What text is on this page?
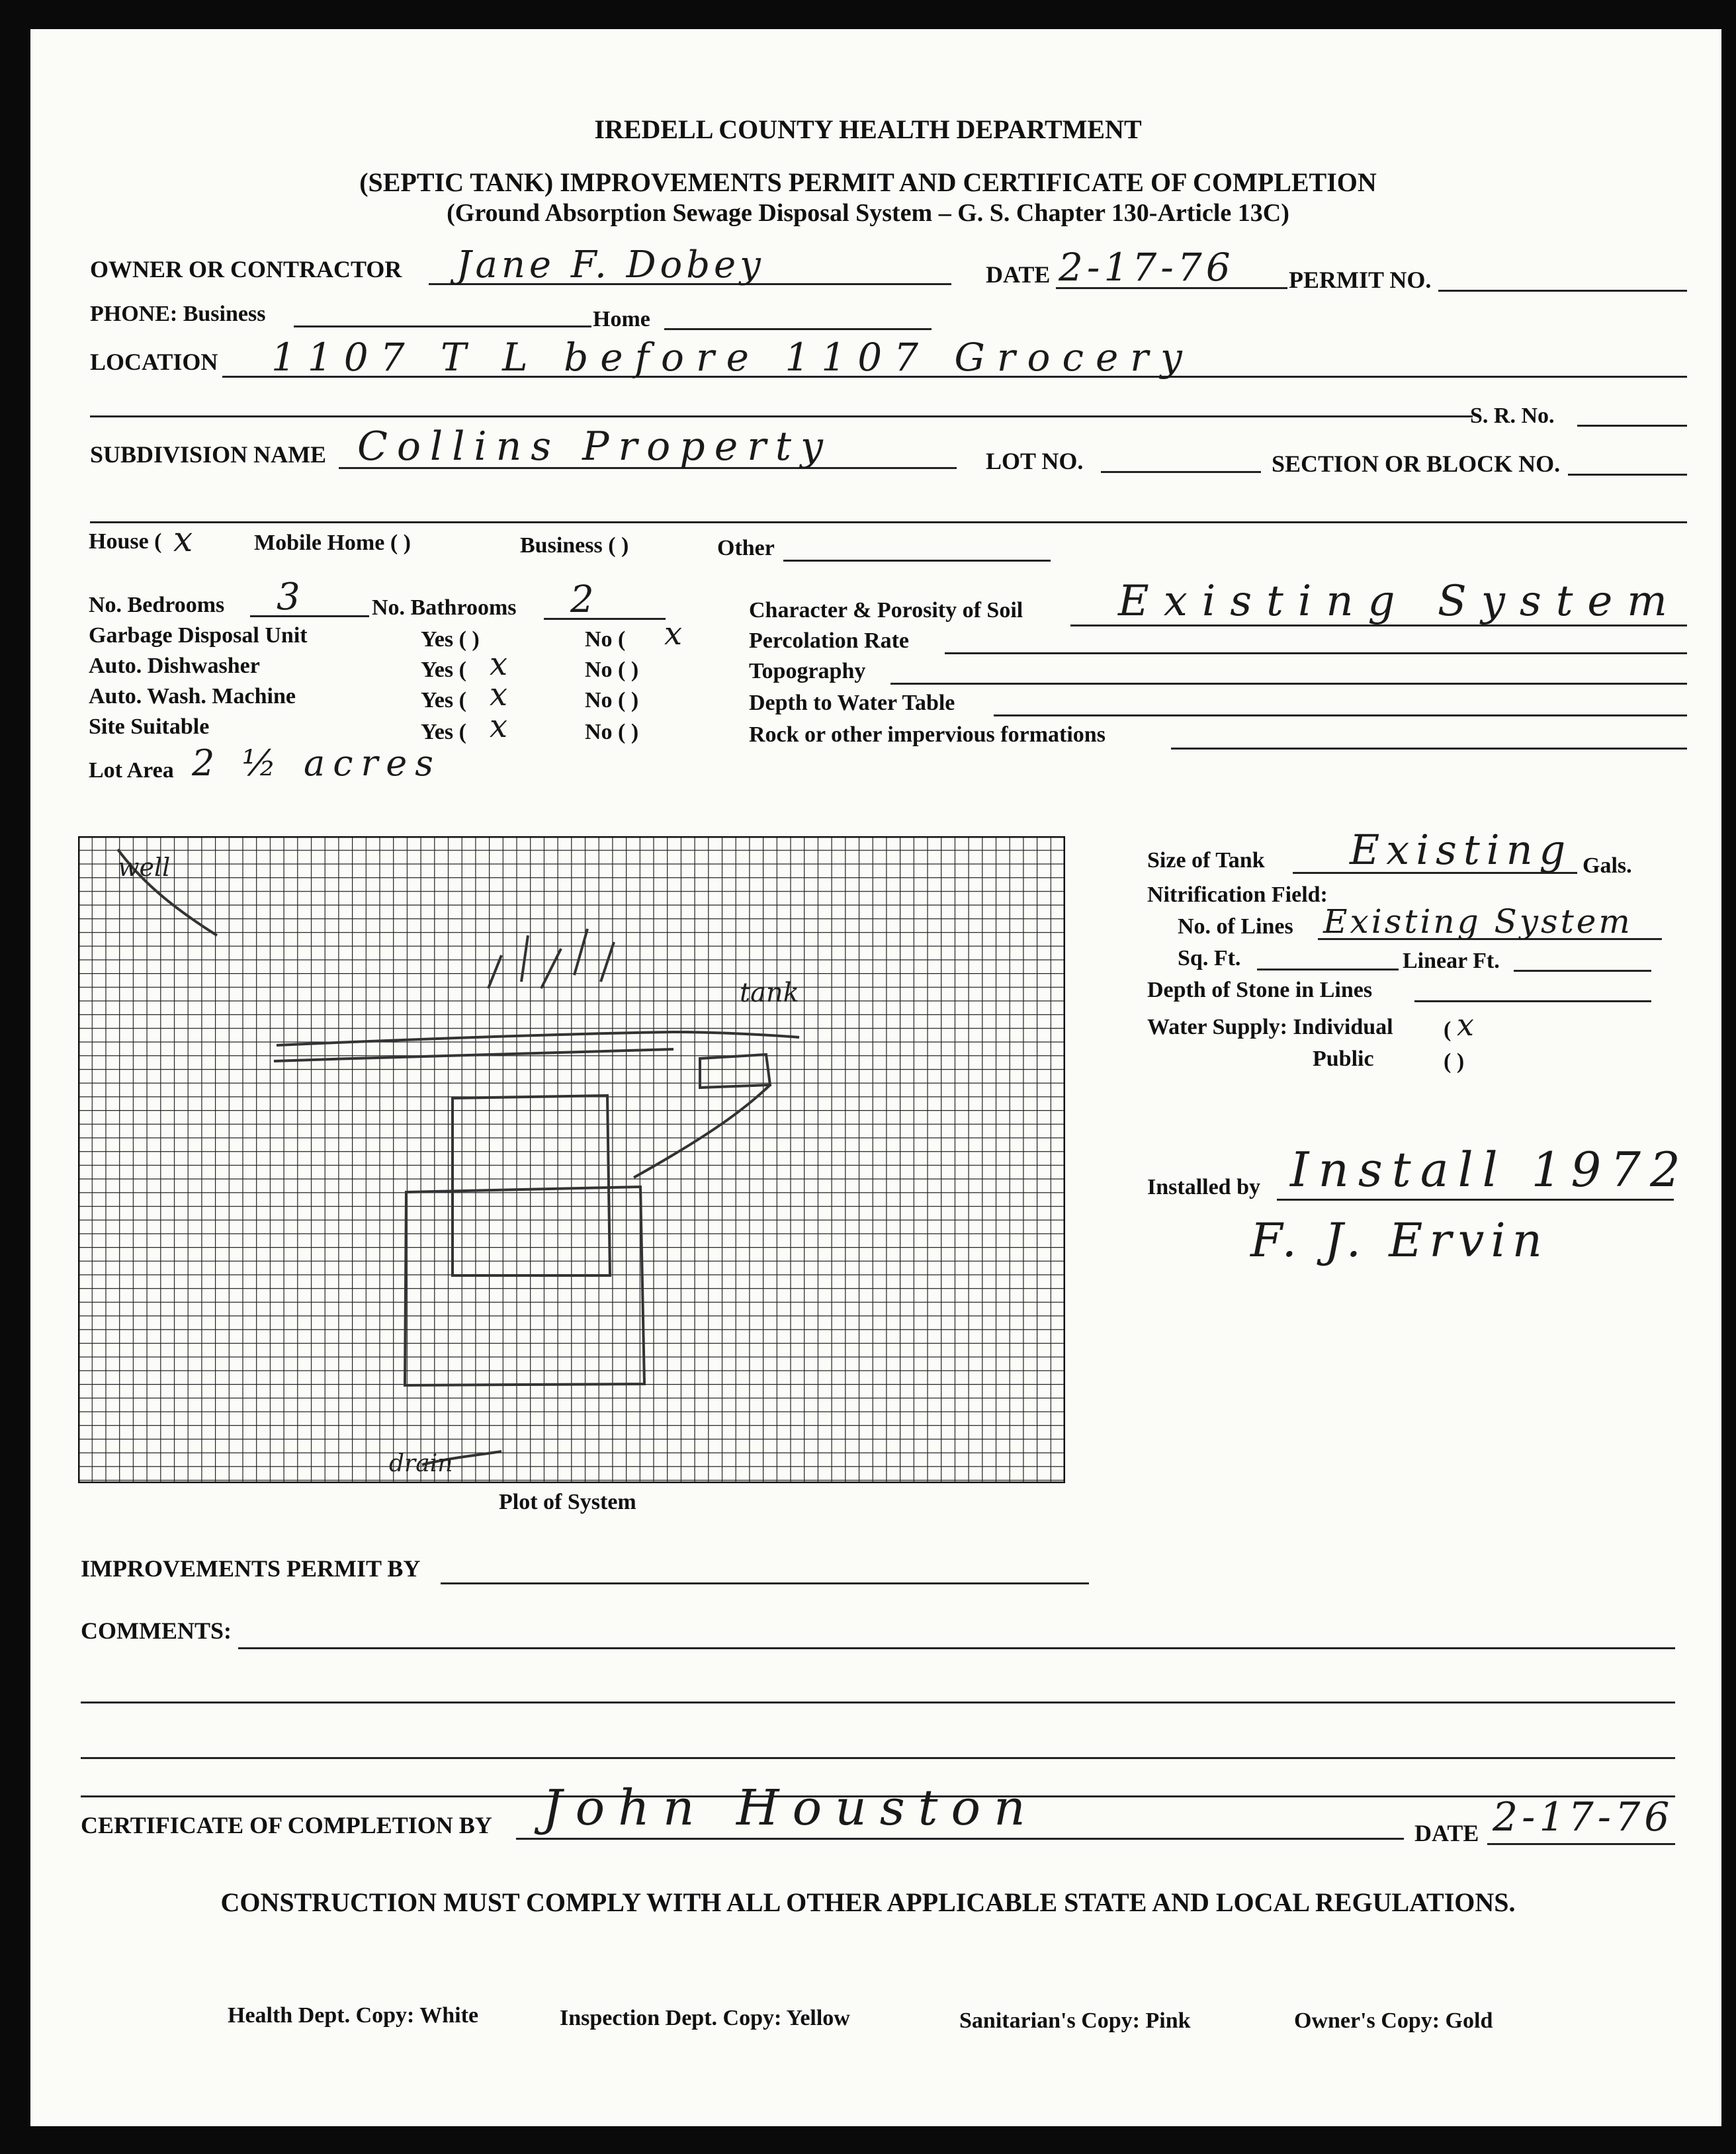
IREDELL COUNTY HEALTH DEPARTMENT
(SEPTIC TANK) IMPROVEMENTS PERMIT AND CERTIFICATE OF COMPLETION
(Ground Absorption Sewage Disposal System – G. S. Chapter 130-Article 13C)
OWNER OR CONTRACTOR Jane F. Dobey	DATE 2-17-76 PERMIT NO.
PHONE: Business	Home
LOCATION 1107 T L before 1107 Grocery
S. R. No.
SUBDIVISION NAME Collins Property	LOT NO.	SECTION OR BLOCK NO.
House ( x	Mobile Home ( )	Business ( )	Other
No. Bedrooms 3	No. Bathrooms 2
Garbage Disposal Unit	Yes ( )	No ( x
Auto. Dishwasher	Yes ( x	No ( )
Auto. Wash. Machine	Yes ( x	No ( )
Site Suitable	Yes ( x	No ( )
Lot Area 2 ½ acres
Character & Porosity of Soil Existing System
Percolation Rate
Topography
Depth to Water Table
Rock or other impervious formations
tank
well
drain
Plot of System
Size of Tank Existing Gals.
Nitrification Field:
No. of Lines Existing System
Sq. Ft.	Linear Ft.
Depth of Stone in Lines
Water Supply: Individual ( x
Public	( )
Installed by Install 1972
F. J. Ervin
IMPROVEMENTS PERMIT BY
COMMENTS:
CERTIFICATE OF COMPLETION BY John Houston	DATE 2-17-76
CONSTRUCTION MUST COMPLY WITH ALL OTHER APPLICABLE STATE AND LOCAL REGULATIONS.
Health Dept. Copy: White	Inspection Dept. Copy: Yellow	Sanitarian's Copy: Pink	Owner's Copy: Gold
